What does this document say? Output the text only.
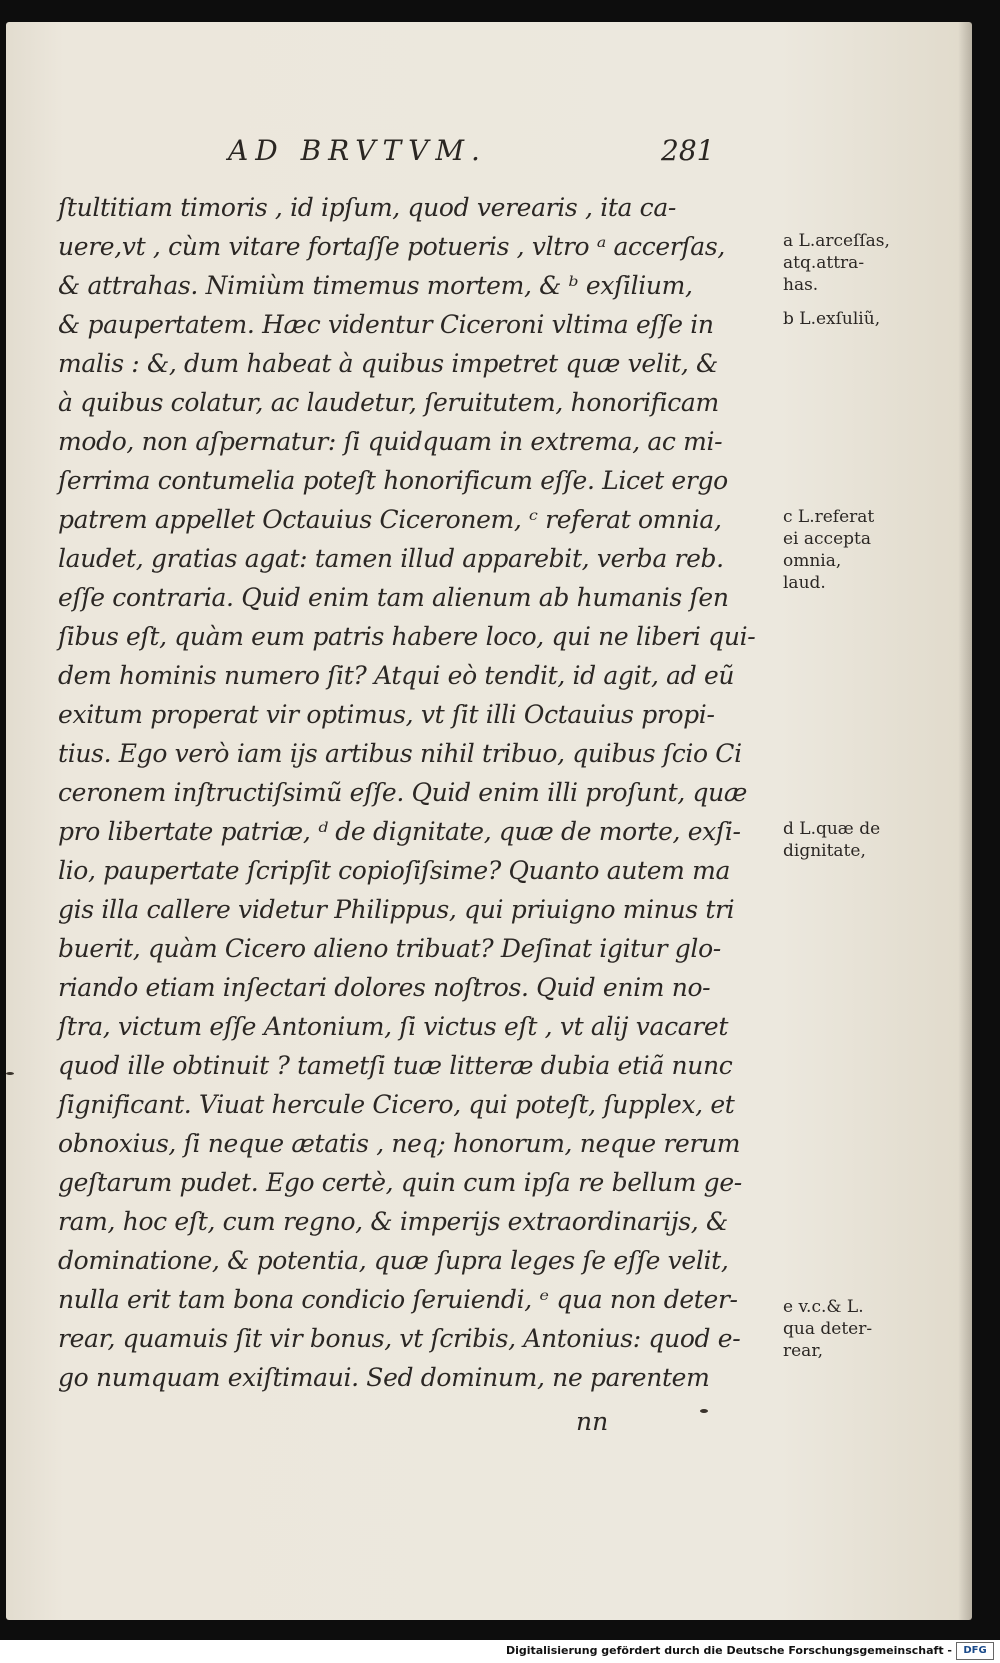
AD BRVTVM.	281
ſtultitiam timoris , id ipſum, quod verearis , ita ca-
uere,vt , cùm vitare fortaſſe potueris , vltro ᵃ accerſas,
& attrahas. Nimiùm timemus mortem, & ᵇ exſilium,
& paupertatem. Hæc videntur Ciceroni vltima eſſe in
malis : &, dum habeat à quibus impetret quæ velit, &
à quibus colatur, ac laudetur, ſeruitutem, honorificam
modo, non aſpernatur: ſi quidquam in extrema, ac mi-
ſerrima contumelia poteſt honorificum eſſe. Licet ergo
patrem appellet Octauius Ciceronem, ᶜ referat omnia,
laudet, gratias agat: tamen illud apparebit, verba reb.
eſſe contraria. Quid enim tam alienum ab humanis ſen
ſibus eſt, quàm eum patris habere loco, qui ne liberi qui-
dem hominis numero ſit? Atqui eò tendit, id agit, ad eũ
exitum properat vir optimus, vt ſit illi Octauius propi-
tius. Ego verò iam ijs artibus nihil tribuo, quibus ſcio Ci
ceronem inſtructiſsimũ eſſe. Quid enim illi proſunt, quæ
pro libertate patriæ, ᵈ de dignitate, quæ de morte, exſi-
lio, paupertate ſcripſit copioſiſsime? Quanto autem ma
gis illa callere videtur Philippus, qui priuigno minus tri
buerit, quàm Cicero alieno tribuat? Deſinat igitur glo-
riando etiam inſectari dolores noſtros. Quid enim no-
ſtra, victum eſſe Antonium, ſi victus eſt , vt alij vacaret
quod ille obtinuit ? tametſi tuæ litteræ dubia etiã nunc
ſignificant. Viuat hercule Cicero, qui poteſt, ſupplex, et
obnoxius, ſi neque ætatis , neq; honorum, neque rerum
geſtarum pudet. Ego certè, quin cum ipſa re bellum ge-
ram, hoc eſt, cum regno, & imperijs extraordinarijs, &
dominatione, & potentia, quæ ſupra leges ſe eſſe velit,
nulla erit tam bona condicio ſeruiendi, ᵉ qua non deter-
rear, quamuis ſit vir bonus, vt ſcribis, Antonius: quod e-
go numquam exiſtimaui. Sed dominum, ne parentem
a L.arceſſas,
atq.attra-
has.
b L.exſuliũ,
c L.referat
ei accepta
omnia,
laud.
d L.quæ de
dignitate,
e v.c.& L.
qua deter-
rear,
nn
Digitalisierung gefördert durch die Deutsche Forschungsgemeinschaft -	DFG
